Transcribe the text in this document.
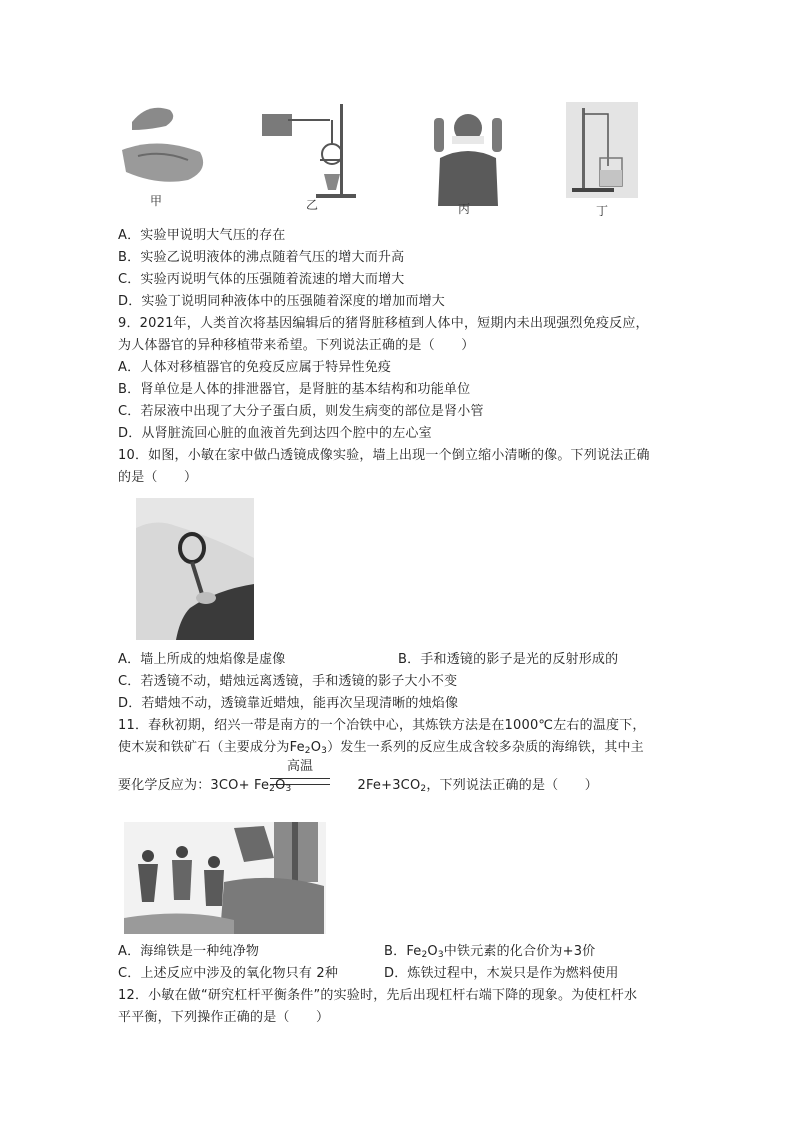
甲	乙	丙	丁
A．实验甲说明大气压的存在
B．实验乙说明液体的沸点随着气压的增大而升高
C．实验丙说明气体的压强随着流速的增大而增大
D．实验丁说明同种液体中的压强随着深度的增加而增大
9．2021年，人类首次将基因编辑后的猪肾脏移植到人体中，短期内未出现强烈免疫反应，
为人体器官的异种移植带来希望。下列说法正确的是（　　）
A．人体对移植器官的免疫反应属于特异性免疫
B．肾单位是人体的排泄器官，是肾脏的基本结构和功能单位
C．若尿液中出现了大分子蛋白质，则发生病变的部位是肾小管
D．从肾脏流回心脏的血液首先到达四个腔中的左心室
10．如图，小敏在家中做凸透镜成像实验，墙上出现一个倒立缩小清晰的像。下列说法正确
的是（　　）
A．墙上所成的烛焰像是虚像	B．手和透镜的影子是光的反射形成的
C．若透镜不动，蜡烛远离透镜，手和透镜的影子大小不变
D．若蜡烛不动，透镜靠近蜡烛，能再次呈现清晰的烛焰像
11．春秋初期，绍兴一带是南方的一个冶铁中心，其炼铁方法是在1000℃左右的温度下，
使木炭和铁矿石（主要成分为$Fe_2O_3$）发生一系列的反应生成含较多杂质的海绵铁，其中主
高温
要化学反应为：$3CO+ Fe_2O_3$	$2Fe+3CO_2$，下列说法正确的是（　　）
A．海绵铁是一种纯净物	B．$Fe_2O_3$中铁元素的化合价为+3价
C．上述反应中涉及的氧化物只有 2种	D．炼铁过程中，木炭只是作为燃料使用
12．小敏在做“研究杠杆平衡条件”的实验时，先后出现杠杆右端下降的现象。为使杠杆水
平平衡，下列操作正确的是（　　）
